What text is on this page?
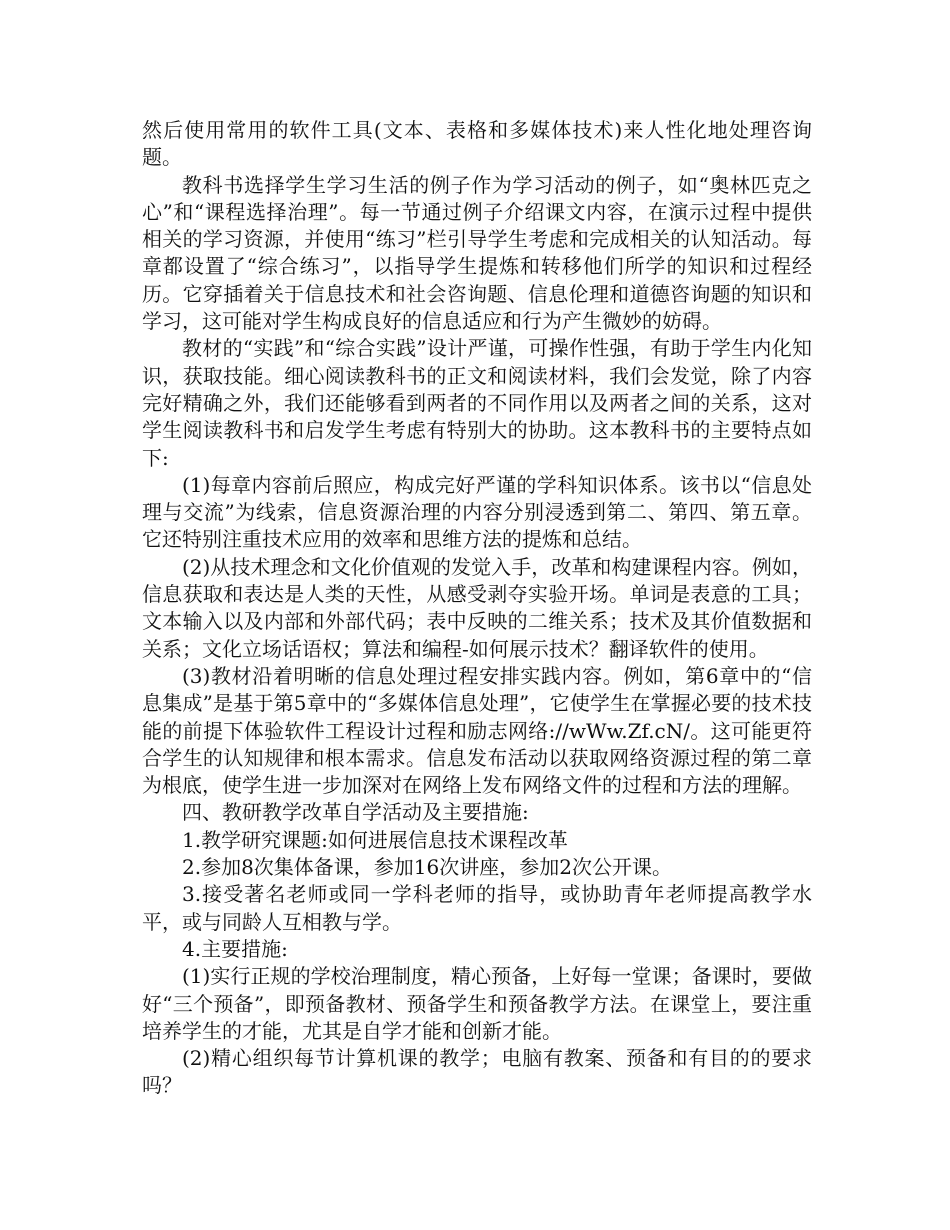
然后使用常用的软件工具(文本、表格和多媒体技术)来人性化地处理咨询题。

教科书选择学生学习生活的例子作为学习活动的例子，如“奥林匹克之心”和“课程选择治理”。每一节通过例子介绍课文内容，在演示过程中提供相关的学习资源，并使用“练习”栏引导学生考虑和完成相关的认知活动。每章都设置了“综合练习”，以指导学生提炼和转移他们所学的知识和过程经历。它穿插着关于信息技术和社会咨询题、信息伦理和道德咨询题的知识和学习，这可能对学生构成良好的信息适应和行为产生微妙的妨碍。

教材的“实践”和“综合实践”设计严谨，可操作性强，有助于学生内化知识，获取技能。细心阅读教科书的正文和阅读材料，我们会发觉，除了内容完好精确之外，我们还能够看到两者的不同作用以及两者之间的关系，这对学生阅读教科书和启发学生考虑有特别大的协助。这本教科书的主要特点如下:

(1)每章内容前后照应，构成完好严谨的学科知识体系。该书以“信息处理与交流”为线索，信息资源治理的内容分别浸透到第二、第四、第五章。它还特别注重技术应用的效率和思维方法的提炼和总结。

(2)从技术理念和文化价值观的发觉入手，改革和构建课程内容。例如，信息获取和表达是人类的天性，从感受剥夺实验开场。单词是表意的工具；文本输入以及内部和外部代码；表中反映的二维关系；技术及其价值数据和关系；文化立场话语权；算法和编程-如何展示技术？翻译软件的使用。

(3)教材沿着明晰的信息处理过程安排实践内容。例如，第6章中的“信息集成”是基于第5章中的“多媒体信息处理”，它使学生在掌握必要的技术技能的前提下体验软件工程设计过程和励志网络://wWw.Zf.cN/。这可能更符合学生的认知规律和根本需求。信息发布活动以获取网络资源过程的第二章为根底，使学生进一步加深对在网络上发布网络文件的过程和方法的理解。

四、教研教学改革自学活动及主要措施:

1.教学研究课题:如何进展信息技术课程改革

2.参加8次集体备课，参加16次讲座，参加2次公开课。

3.接受著名老师或同一学科老师的指导，或协助青年老师提高教学水平，或与同龄人互相教与学。

4.主要措施:

(1)实行正规的学校治理制度，精心预备，上好每一堂课；备课时，要做好“三个预备”，即预备教材、预备学生和预备教学方法。在课堂上，要注重培养学生的才能，尤其是自学才能和创新才能。

(2)精心组织每节计算机课的教学；电脑有教案、预备和有目的的要求吗？
